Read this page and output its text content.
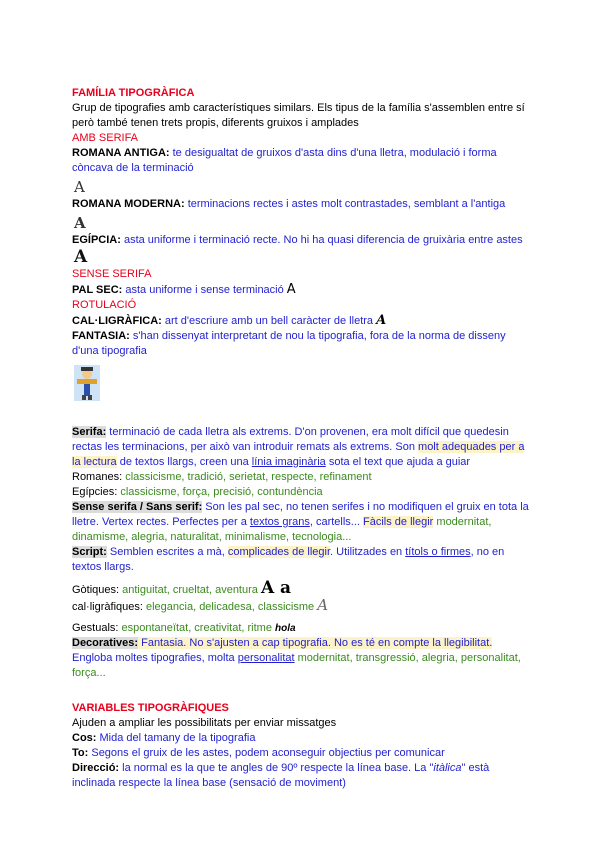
FAMÍLIA TIPOGRÀFICA

Grup de tipografies amb característiques similars. Els tipus de la família s'assemblen entre sí però també tenen trets propis, diferents gruixos i amplades

AMB SERIFA

ROMANA ANTIGA: te desigualtat de gruixos d'asta dins d'una lletra, modulació i forma còncava de la terminació

A

ROMANA MODERNA: terminacions rectes i astes molt contrastades, semblant a l'antiga

A

EGÍPCIA: asta uniforme i terminació recte. No hi ha quasi diferencia de gruixària entre astes

A

SENSE SERIFA

PAL SEC: asta uniforme i sense terminació A

ROTULACIÓ

CAL·LIGRÀFICA: art d'escriure amb un bell caràcter de lletra A

FANTASIA: s'han dissenyat interpretant de nou la tipografia, fora de la norma de disseny d'una tipografia

Serifa: terminació de cada lletra als extrems. D'on provenen, era molt difícil que quedesin rectas les terminacions, per això van introduir remats als extrems. Son molt adequades per a la lectura de textos llargs, creen una línia imaginària sota el text que ajuda a guiar

Romanes: classicisme, tradició, serietat, respecte, refinament

Egípcies: classicisme, força, precisió, contundència

Sense serifa / Sans serif: Son les pal sec, no tenen serifes i no modifiquen el gruix en tota la lletre. Vertex rectes. Perfectes per a textos grans, cartells... Fàcils de llegir modernitat, dinamisme, alegria, naturalitat, minimalisme, tecnologia...

Script: Semblen escrites a mà, complicades de llegir. Utilitzades en títols o firmes, no en textos llargs.

Gòtiques: antiguitat, crueltat, aventura A a

cal·ligràfiques: elegancia, delicadesa, classicisme A

Gestuals: espontaneïtat, creativitat, ritme hola

Decoratives: Fantasia. No s'ajusten a cap tipografia. No es té en compte la llegibilitat. Engloba moltes tipografies, molta personalitat modernitat, transgressió, alegria, personalitat, força...

VARIABLES TIPOGRÀFIQUES

Ajuden a ampliar les possibilitats per enviar missatges

Cos: Mida del tamany de la tipografia

To: Segons el gruix de les astes, podem aconseguir objectius per comunicar

Direcció: la normal es la que te angles de 90º respecte la línea base. La "itàlica" està inclinada respecte la línea base (sensació de moviment)
